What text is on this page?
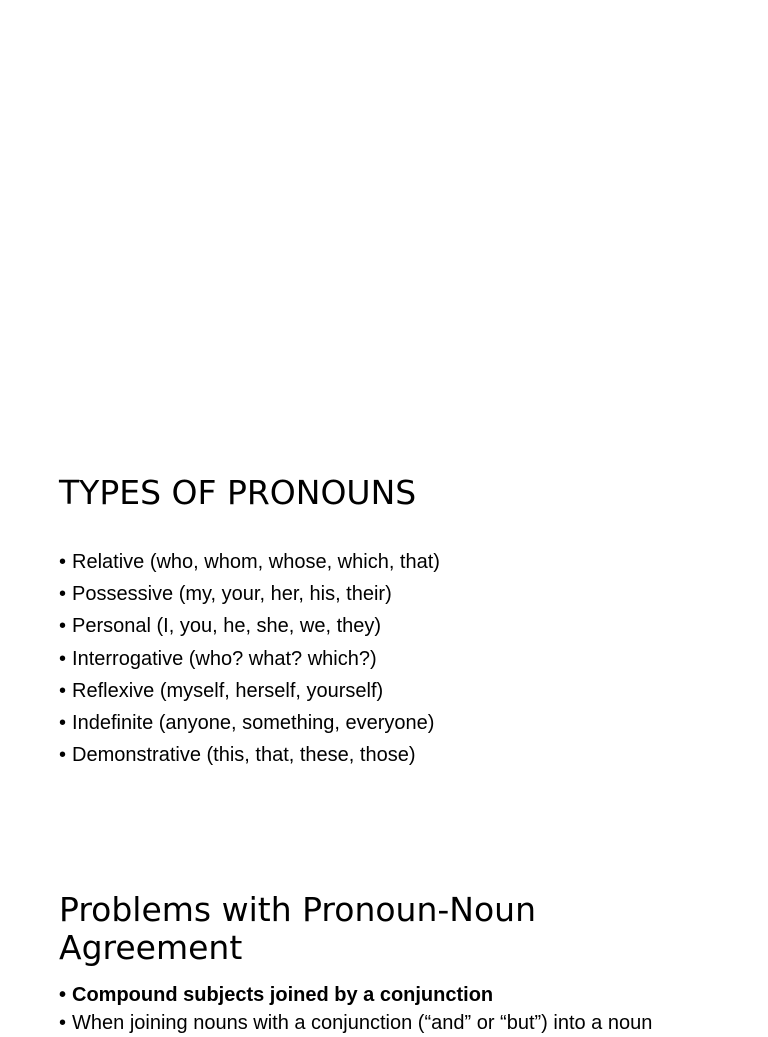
TYPES OF PRONOUNS
• Relative (who, whom, whose, which, that)
• Possessive (my, your, her, his, their)
• Personal (I, you, he, she, we, they)
• Interrogative (who? what? which?)
• Reflexive (myself, herself, yourself)
• Indefinite (anyone, something, everyone)
• Demonstrative (this, that, these, those)
Problems with Pronoun-Noun Agreement
• Compound subjects joined by a conjunction
• When joining nouns with a conjunction (“and” or “but”) into a noun
